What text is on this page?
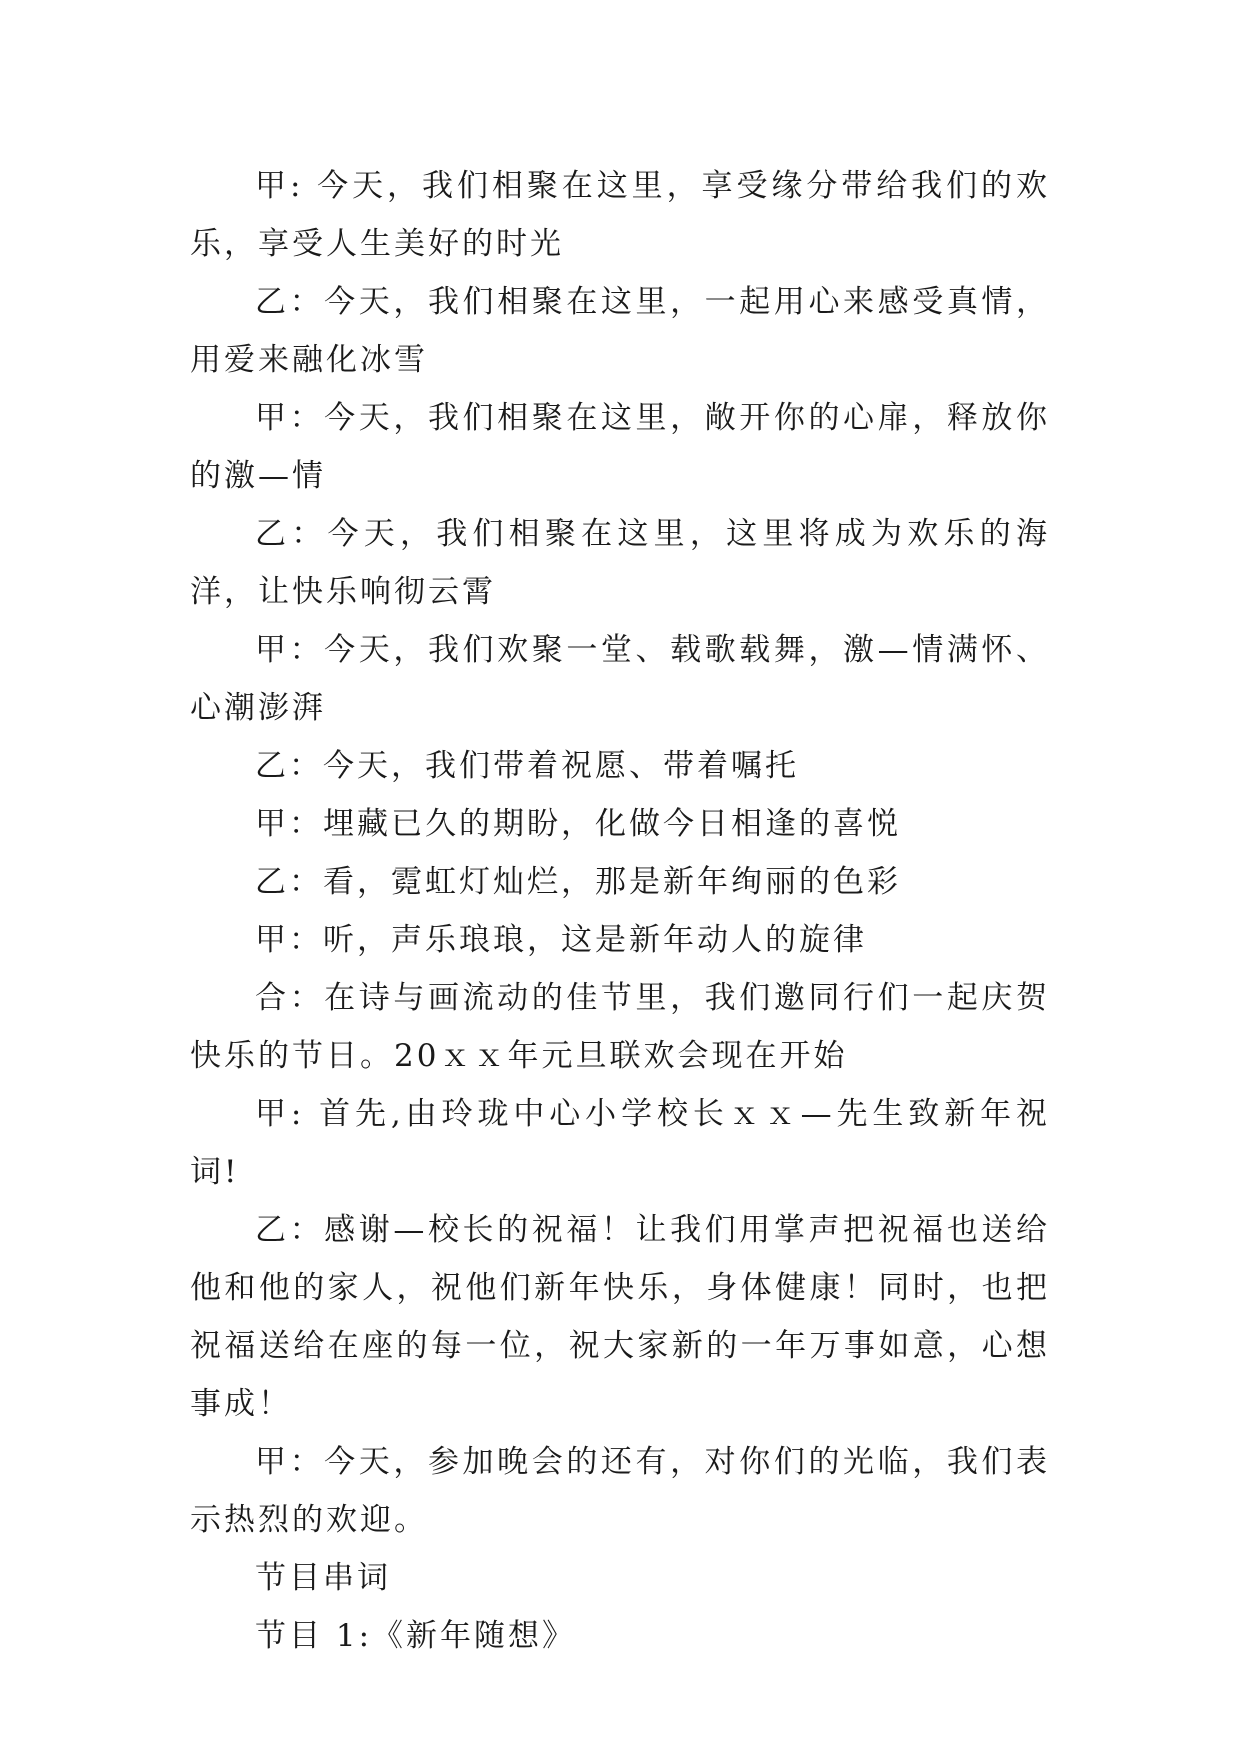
甲: 今天，我们相聚在这里，享受缘分带给我们的欢乐，享受人生美好的时光

乙：今天，我们相聚在这里，一起用心来感受真情，用爱来融化冰雪

甲：今天，我们相聚在这里，敞开你的心扉，释放你的激—情

乙：今天，我们相聚在这里，这里将成为欢乐的海洋，让快乐响彻云霄

甲：今天，我们欢聚一堂、载歌载舞，激—情满怀、心潮澎湃

乙：今天，我们带着祝愿、带着嘱托

甲：埋藏已久的期盼，化做今日相逢的喜悦

乙：看，霓虹灯灿烂，那是新年绚丽的色彩

甲：听，声乐琅琅，这是新年动人的旋律

合：在诗与画流动的佳节里，我们邀同行们一起庆贺快乐的节日。20ｘｘ年元旦联欢会现在开始

甲: 首先,由玲珑中心小学校长ｘｘ—先生致新年祝词!

乙：感谢—校长的祝福！让我们用掌声把祝福也送给他和他的家人，祝他们新年快乐，身体健康！同时，也把祝福送给在座的每一位，祝大家新的一年万事如意，心想事成！

甲：今天，参加晚会的还有，对你们的光临，我们表示热烈的欢迎。

节目串词

节目 1:《新年随想》
